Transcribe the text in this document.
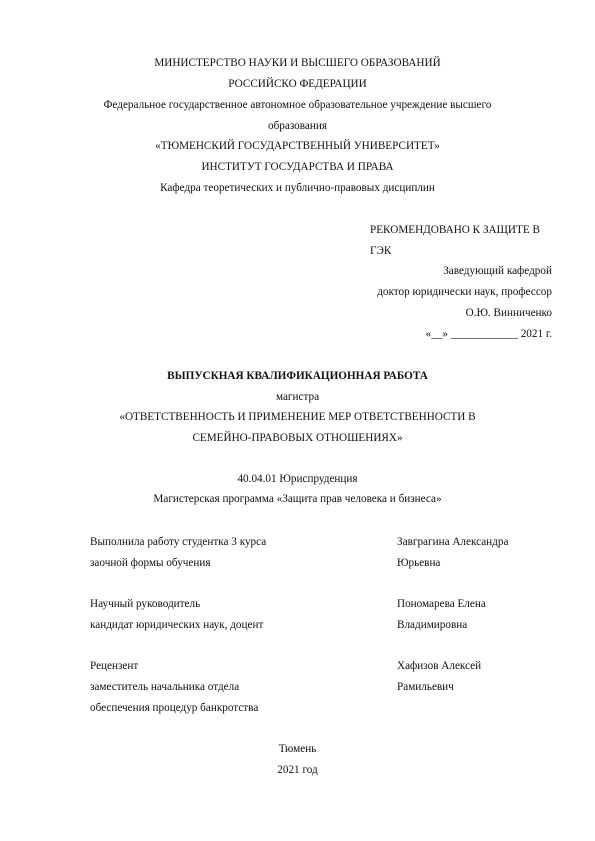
МИНИСТЕРСТВО НАУКИ И ВЫСШЕГО ОБРАЗОВАНИЙ
РОССИЙСКО ФЕДЕРАЦИИ
Федеральное государственное автономное образовательное учреждение высшего
образования
«ТЮМЕНСКИЙ ГОСУДАРСТВЕННЫЙ УНИВЕРСИТЕТ»
ИНСТИТУТ ГОСУДАРСТВА И ПРАВА
Кафедра теоретических и публично-правовых дисциплин
РЕКОМЕНДОВАНО К ЗАЩИТЕ В
ГЭК
Заведующий кафедрой
доктор юридически наук, профессор
О.Ю. Винниченко
«__» ____________ 2021 г.
ВЫПУСКНАЯ КВАЛИФИКАЦИОННАЯ РАБОТА
магистра
«ОТВЕТСТВЕННОСТЬ И ПРИМЕНЕНИЕ МЕР ОТВЕТСТВЕННОСТИ В
СЕМЕЙНО-ПРАВОВЫХ ОТНОШЕНИЯХ»
40.04.01 Юриспруденция
Магистерская программа «Защита прав человека и бизнеса»
Выполнила работу студентка 3 курса
заочной формы обучения
Завграгина Александра
Юрьевна
Научный руководитель
кандидат юридических наук, доцент
Пономарева Елена
Владимировна
Рецензент
заместитель начальника отдела
обеспечения процедур банкротства
Хафизов Алексей
Рамильевич
Тюмень
2021 год
